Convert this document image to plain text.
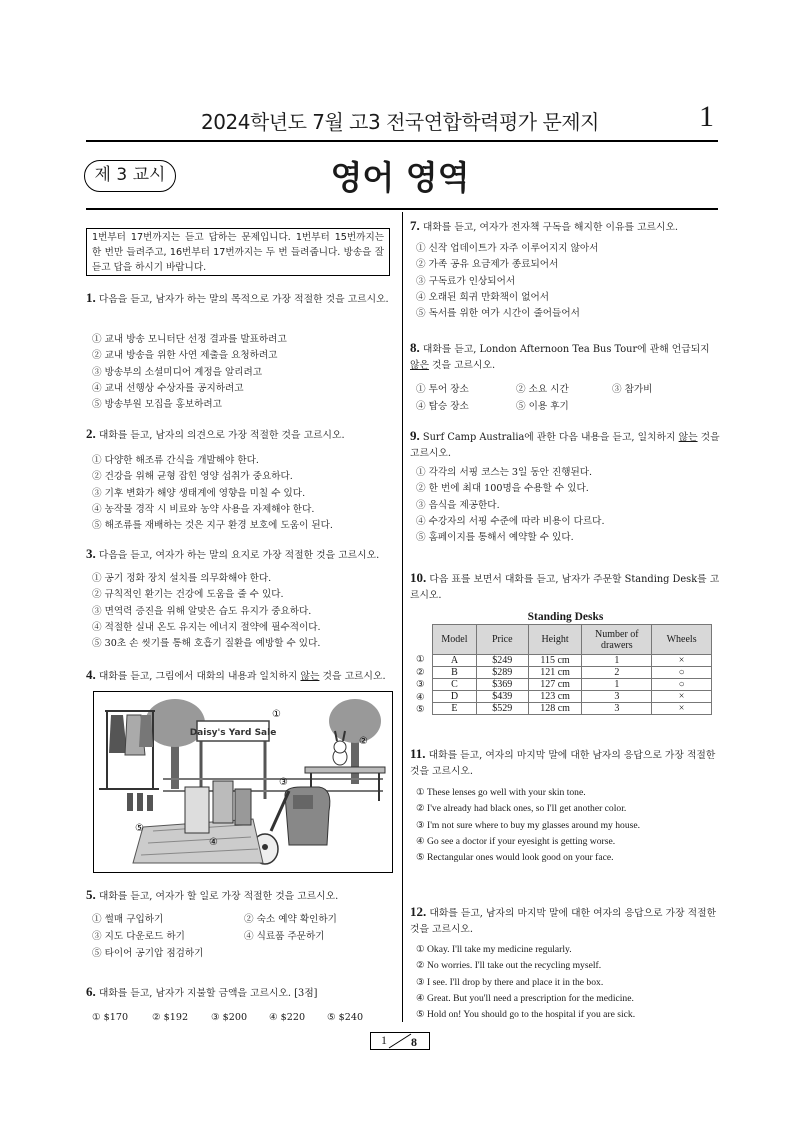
2024학년도 7월 고3 전국연합학력평가 문제지	1
제 3 교시	영어 영역
1번부터 17번까지는 듣고 답하는 문제입니다. 1번부터 15번까지는 한 번만 들려주고, 16번부터 17번까지는 두 번 들려줍니다. 방송을 잘 듣고 답을 하시기 바랍니다.
1. 다음을 듣고, 남자가 하는 말의 목적으로 가장 적절한 것을 고르시오.
① 교내 방송 모니터단 선정 결과를 발표하려고
② 교내 방송을 위한 사연 제출을 요청하려고
③ 방송부의 소셜미디어 계정을 알리려고
④ 교내 선행상 수상자를 공지하려고
⑤ 방송부원 모집을 홍보하려고
2. 대화를 듣고, 남자의 의견으로 가장 적절한 것을 고르시오.
① 다양한 해조류 간식을 개발해야 한다.
② 건강을 위해 균형 잡힌 영양 섭취가 중요하다.
③ 기후 변화가 해양 생태계에 영향을 미칠 수 있다.
④ 농작물 경작 시 비료와 농약 사용을 자제해야 한다.
⑤ 해조류를 재배하는 것은 지구 환경 보호에 도움이 된다.
3. 다음을 듣고, 여자가 하는 말의 요지로 가장 적절한 것을 고르시오.
① 공기 정화 장치 설치를 의무화해야 한다.
② 규칙적인 환기는 건강에 도움을 줄 수 있다.
③ 면역력 증진을 위해 알맞은 습도 유지가 중요하다.
④ 적절한 실내 온도 유지는 에너지 절약에 필수적이다.
⑤ 30초 손 씻기를 통해 호흡기 질환을 예방할 수 있다.
4. 대화를 듣고, 그림에서 대화의 내용과 일치하지 않는 것을 고르시오.
Daisy's Yard Sale
①
②
③
④
⑤
5. 대화를 듣고, 여자가 할 일로 가장 적절한 것을 고르시오.
① 썰매 구입하기	② 숙소 예약 확인하기
③ 지도 다운로드 하기	④ 식료품 주문하기
⑤ 타이어 공기압 점검하기
6. 대화를 듣고, 남자가 지불할 금액을 고르시오. [3점]
① $170 ② $192 ③ $200 ④ $220 ⑤ $240
7. 대화를 듣고, 여자가 전자책 구독을 해지한 이유를 고르시오.
① 신작 업데이트가 자주 이루어지지 않아서
② 가족 공유 요금제가 종료되어서
③ 구독료가 인상되어서
④ 오래된 희귀 만화책이 없어서
⑤ 독서를 위한 여가 시간이 줄어들어서
8. 대화를 듣고, London Afternoon Tea Bus Tour에 관해 언급되지 않은 것을 고르시오.
① 투어 장소	② 소요 시간	③ 참가비
④ 탑승 장소	⑤ 이용 후기
9. Surf Camp Australia에 관한 다음 내용을 듣고, 일치하지 않는 것을 고르시오.
① 각각의 서핑 코스는 3일 동안 진행된다.
② 한 번에 최대 100명을 수용할 수 있다.
③ 음식을 제공한다.
④ 수강자의 서핑 수준에 따라 비용이 다르다.
⑤ 홈페이지를 통해서 예약할 수 있다.
10. 다음 표를 보면서 대화를 듣고, 남자가 주문할 Standing Desk를 고르시오.
Standing Desks
①
②
③
④
⑤
Model	Price	Height	Number of drawers	Wheels
A	$249	115 cm	1	×
B	$289	121 cm	2	○
C	$369	127 cm	1	○
D	$439	123 cm	3	×
E	$529	128 cm	3	×
11. 대화를 듣고, 여자의 마지막 말에 대한 남자의 응답으로 가장 적절한 것을 고르시오.
① These lenses go well with your skin tone.
② I've already had black ones, so I'll get another color.
③ I'm not sure where to buy my glasses around my house.
④ Go see a doctor if your eyesight is getting worse.
⑤ Rectangular ones would look good on your face.
12. 대화를 듣고, 남자의 마지막 말에 대한 여자의 응답으로 가장 적절한 것을 고르시오.
① Okay. I'll take my medicine regularly.
② No worries. I'll take out the recycling myself.
③ I see. I'll drop by there and place it in the box.
④ Great. But you'll need a prescription for the medicine.
⑤ Hold on! You should go to the hospital if you are sick.
1 8
